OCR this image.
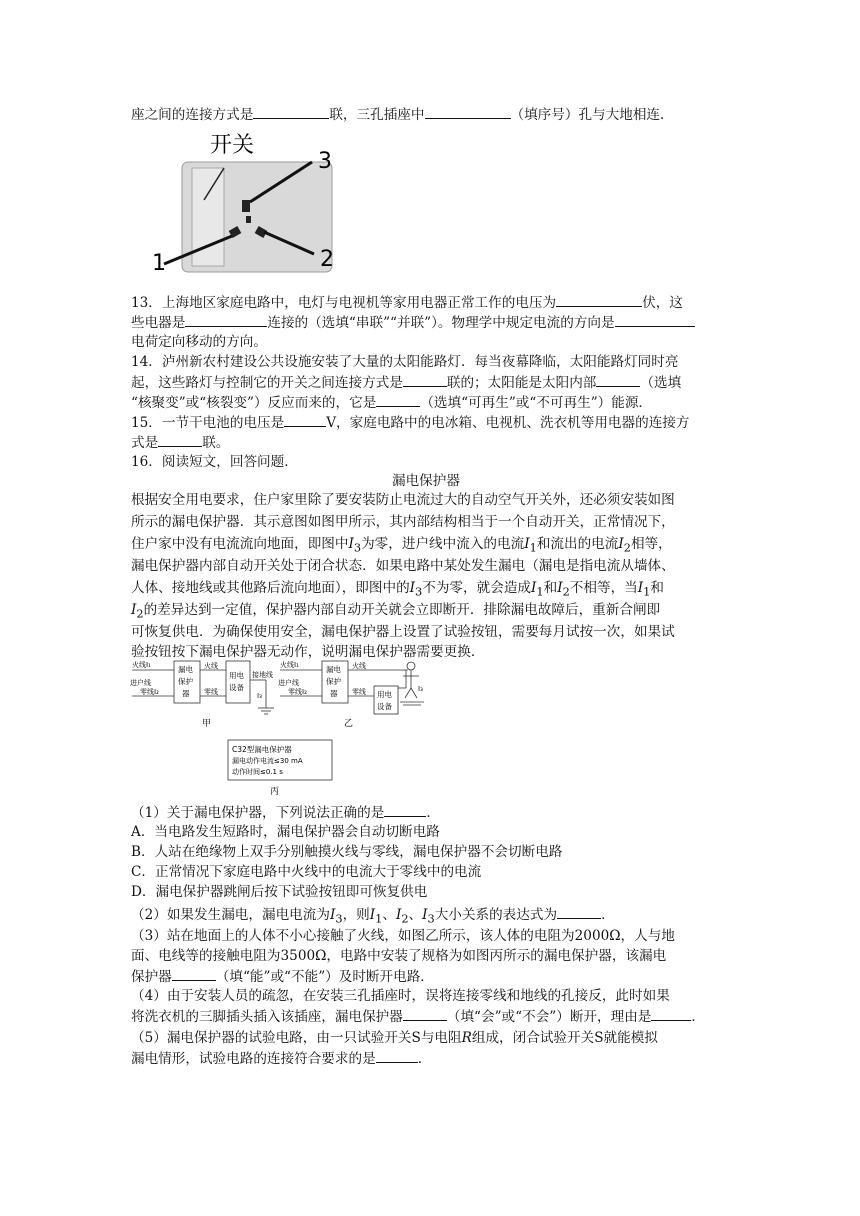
座之间的连接方式是	联，三孔插座中	（填序号）孔与大地相连．
开关
3
1	2
13．上海地区家庭电路中，电灯与电视机等家用电器正常工作的电压为	伏，这
些电器是	连接的（选填“串联”“并联”）。物理学中规定电流的方向是
电荷定向移动的方向。
14．泸州新农村建设公共设施安装了大量的太阳能路灯．每当夜幕降临，太阳能路灯同时亮
起，这些路灯与控制它的开关之间连接方式是	联的；太阳能是太阳内部	（选填
“核聚变”或“核裂变”）反应而来的，它是	（选填“可再生”或“不可再生”）能源．
15．一节干电池的电压是	V，家庭电路中的电冰箱、电视机、洗衣机等用电器的连接方
式是	联。
16．阅读短文，回答问题．
漏电保护器
根据安全用电要求，住户家里除了要安装防止电流过大的自动空气开关外，还必须安装如图
所示的漏电保护器．其示意图如图甲所示，其内部结构相当于一个自动开关，正常情况下，
住户家中没有电流流向地面，即图中$I_3$为零，进户线中流入的电流$I_1$和流出的电流$I_2$相等，
漏电保护器内部自动开关处于闭合状态．如果电路中某处发生漏电（漏电是指电流从墙体、
人体、接地线或其他路后流向地面），即图中的$I_3$不为零，就会造成$I_1$和$I_2$不相等，当$I_1$和
$I_2$的差异达到一定值，保护器内部自动开关就会立即断开．排除漏电故障后，重新合闸即
可恢复供电．为确保使用安全，漏电保护器上设置了试验按钮，需要每月试按一次，如果试
验按钮按下漏电保护器无动作，说明漏电保护器需要更换．
火线I₁
进户线
零线I₂
漏电
保护
器
火线
零线
用电
设备
接地线
I₃
甲
火线I₁
进户线
零线I₂
漏电
保护
器
火线
零线 用电
设备
I₃
乙
C32型漏电保护器
漏电动作电流≤30 mA
动作时间≤0.1 s
丙
（1）关于漏电保护器，下列说法正确的是	．
A．当电路发生短路时，漏电保护器会自动切断电路
B．人站在绝缘物上双手分别触摸火线与零线，漏电保护器不会切断电路
C．正常情况下家庭电路中火线中的电流大于零线中的电流
D．漏电保护器跳闸后按下试验按钮即可恢复供电
（2）如果发生漏电，漏电电流为$I_3$，则$I_1$、$I_2$、$I_3$大小关系的表达式为	．
（3）站在地面上的人体不小心接触了火线，如图乙所示，该人体的电阻为2000Ω，人与地
面、电线等的接触电阻为3500Ω，电路中安装了规格为如图丙所示的漏电保护器，该漏电
保护器	（填“能”或“不能”）及时断开电路．
（4）由于安装人员的疏忽，在安装三孔插座时，误将连接零线和地线的孔接反，此时如果
将洗衣机的三脚插头插入该插座，漏电保护器	（填“会”或“不会”）断开，理由是	．
（5）漏电保护器的试验电路，由一只试验开关S与电阻R组成，闭合试验开关S就能模拟
漏电情形，试验电路的连接符合要求的是	．
